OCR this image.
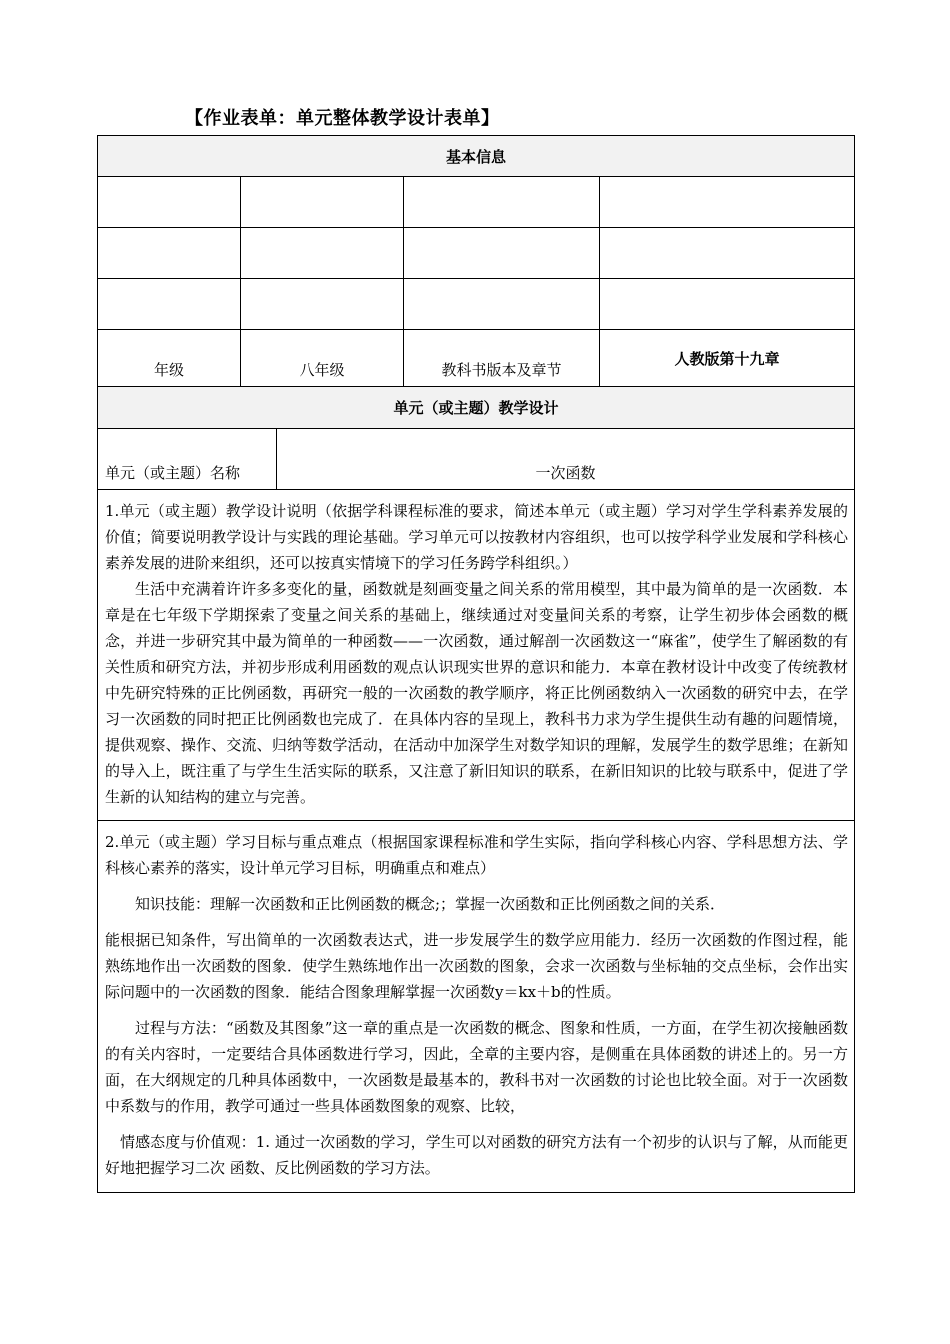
【作业表单：单元整体教学设计表单】
基本信息				

年级	八年级		教科书版本及章节	人教版第十九章
单元（或主题）教学设计				
单元（或主题）名称		一次函数		

1.单元（或主题）教学设计说明（依据学科课程标准的要求，简述本单元（或主题）学习对学生学科素养发展的价值；简要说明教学设计与实践的理论基础。学习单元可以按教材内容组织，也可以按学科学业发展和学科核心素养发展的进阶来组织，还可以按真实情境下的学习任务跨学科组织。）

生活中充满着许许多多变化的量，函数就是刻画变量之间关系的常用模型，其中最为简单的是一次函数．本章是在七年级下学期探索了变量之间关系的基础上，继续通过对变量间关系的考察，让学生初步体会函数的概念，并进一步研究其中最为简单的一种函数——一次函数，通过解剖一次函数这一“麻雀”，使学生了解函数的有关性质和研究方法，并初步形成利用函数的观点认识现实世界的意识和能力．本章在教材设计中改变了传统教材中先研究特殊的正比例函数，再研究一般的一次函数的教学顺序，将正比例函数纳入一次函数的研究中去，在学习一次函数的同时把正比例函数也完成了．在具体内容的呈现上，教科书力求为学生提供生动有趣的问题情境，提供观察、操作、交流、归纳等数学活动，在活动中加深学生对数学知识的理解，发展学生的数学思维；在新知的导入上，既注重了与学生生活实际的联系，又注意了新旧知识的联系，在新旧知识的比较与联系中，促进了学生新的认知结构的建立与完善。				

2.单元（或主题）学习目标与重点难点（根据国家课程标准和学生实际，指向学科核心内容、学科思想方法、学科核心素养的落实，设计单元学习目标，明确重点和难点）

知识技能：理解一次函数和正比例函数的概念;；掌握一次函数和正比例函数之间的关系．

能根据已知条件，写出简单的一次函数表达式，进一步发展学生的数学应用能力．经历一次函数的作图过程，能熟练地作出一次函数的图象．使学生熟练地作出一次函数的图象，会求一次函数与坐标轴的交点坐标，会作出实际问题中的一次函数的图象．能结合图象理解掌握一次函数y＝kx＋b的性质。

过程与方法：“函数及其图象”这一章的重点是一次函数的概念、图象和性质，一方面，在学生初次接触函数的有关内容时，一定要结合具体函数进行学习，因此，全章的主要内容，是侧重在具体函数的讲述上的。另一方面，在大纲规定的几种具体函数中，一次函数是最基本的，教科书对一次函数的讨论也比较全面。对于一次函数中系数与的作用，教学可通过一些具体函数图象的观察、比较，

情感态度与价值观：1. 通过一次函数的学习，学生可以对函数的研究方法有一个初步的认识与了解，从而能更好地把握学习二次 函数、反比例函数的学习方法。				
